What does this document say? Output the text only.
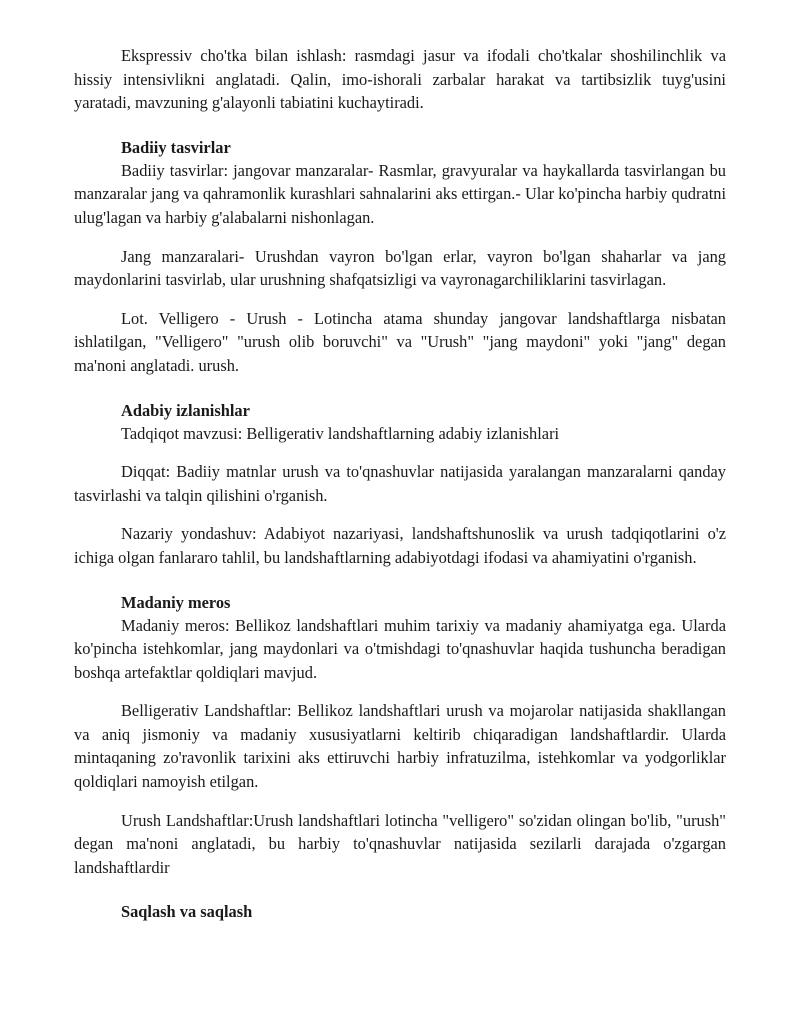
Ekspressiv cho'tka bilan ishlash: rasmdagi jasur va ifodali cho'tkalar shoshilinchlik va hissiy intensivlikni anglatadi. Qalin, imo-ishorali zarbalar harakat va tartibsizlik tuyg'usini yaratadi, mavzuning g'alayonli tabiatini kuchaytiradi.

Badiiy tasvirlar

Badiiy tasvirlar: jangovar manzaralar- Rasmlar, gravyuralar va haykallarda tasvirlangan bu manzaralar jang va qahramonlik kurashlari sahnalarini aks ettirgan.- Ular ko'pincha harbiy qudratni ulug'lagan va harbiy g'alabalarni nishonlagan.

Jang manzaralari- Urushdan vayron bo'lgan erlar, vayron bo'lgan shaharlar va jang maydonlarini tasvirlab, ular urushning shafqatsizligi va vayronagarchiliklarini tasvirlagan.

Lot. Velligero - Urush - Lotincha atama shunday jangovar landshaftlarga nisbatan ishlatilgan, "Velligero" "urush olib boruvchi" va "Urush" "jang maydoni" yoki "jang" degan ma'noni anglatadi. urush.

Adabiy izlanishlar

Tadqiqot mavzusi: Belligerativ landshaftlarning adabiy izlanishlari

Diqqat: Badiiy matnlar urush va to'qnashuvlar natijasida yaralangan manzaralarni qanday tasvirlashi va talqin qilishini o'rganish.

Nazariy yondashuv: Adabiyot nazariyasi, landshaftshunoslik va urush tadqiqotlarini o'z ichiga olgan fanlararo tahlil, bu landshaftlarning adabiyotdagi ifodasi va ahamiyatini o'rganish.

Madaniy meros

Madaniy meros: Bellikoz landshaftlari muhim tarixiy va madaniy ahamiyatga ega. Ularda ko'pincha istehkomlar, jang maydonlari va o'tmishdagi to'qnashuvlar haqida tushuncha beradigan boshqa artefaktlar qoldiqlari mavjud.

Belligerativ Landshaftlar: Bellikoz landshaftlari urush va mojarolar natijasida shakllangan va aniq jismoniy va madaniy xususiyatlarni keltirib chiqaradigan landshaftlardir. Ularda mintaqaning zo'ravonlik tarixini aks ettiruvchi harbiy infratuzilma, istehkomlar va yodgorliklar qoldiqlari namoyish etilgan.

Urush Landshaftlar:Urush landshaftlari lotincha "velligero" so'zidan olingan bo'lib, "urush" degan ma'noni anglatadi, bu harbiy to'qnashuvlar natijasida sezilarli darajada o'zgargan landshaftlardir

Saqlash va saqlash
